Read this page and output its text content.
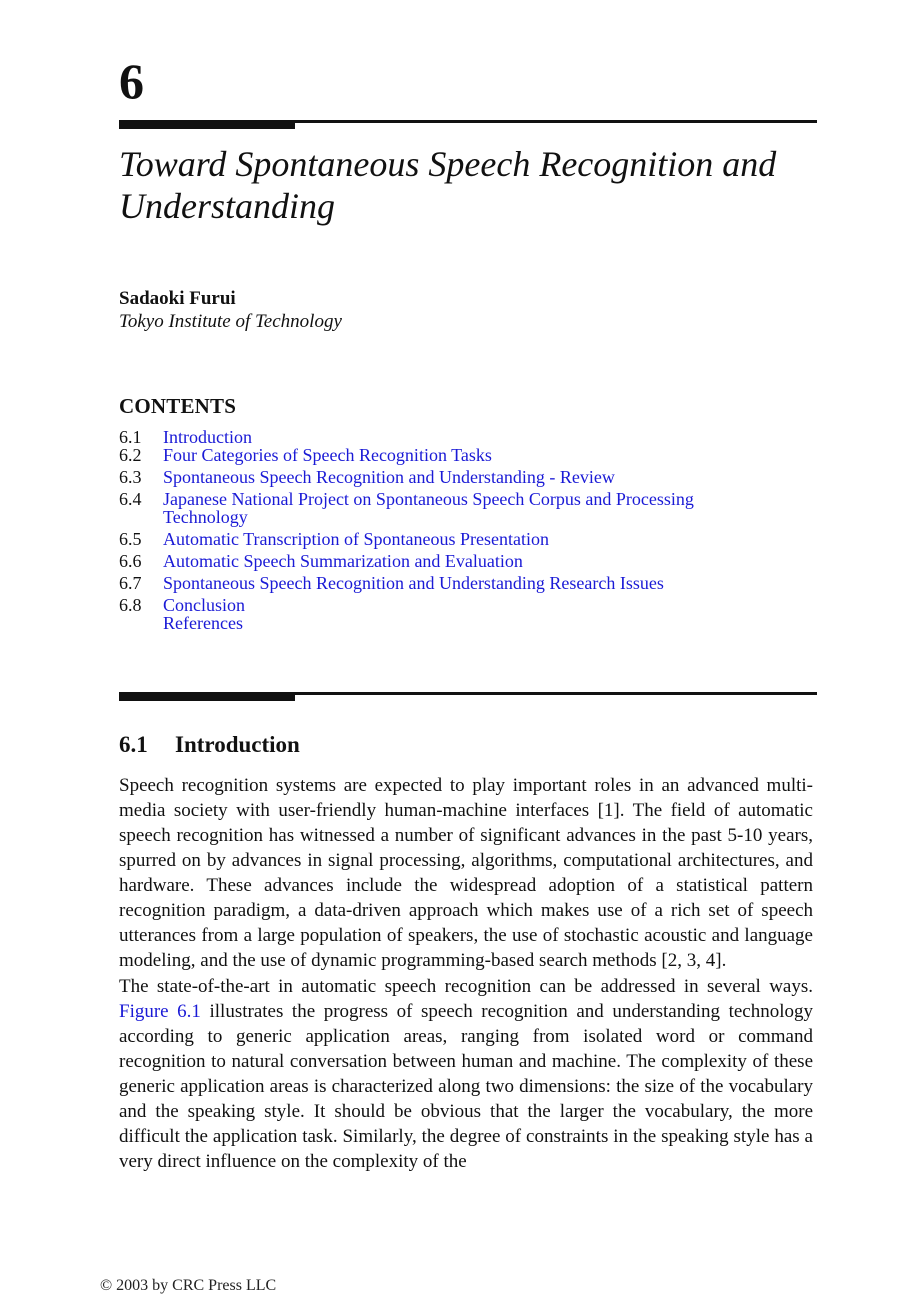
6
Toward Spontaneous Speech Recognition and
Understanding
Sadaoki Furui
Tokyo Institute of Technology
CONTENTS
6.1	Introduction
6.2	Four Categories of Speech Recognition Tasks
6.3	Spontaneous Speech Recognition and Understanding - Review
6.4	Japanese National Project on Spontaneous Speech Corpus and Processing
Technology
6.5	Automatic Transcription of Spontaneous Presentation
6.6	Automatic Speech Summarization and Evaluation
6.7	Spontaneous Speech Recognition and Understanding Research Issues
6.8	Conclusion
References
6.1 Introduction

Speech recognition systems are expected to play important roles in an advanced multi-media society with user-friendly human-machine interfaces [1]. The field of automatic speech recognition has witnessed a number of significant advances in the past 5-10 years, spurred on by advances in signal processing, algorithms, computational architectures, and hardware. These advances include the widespread adoption of a statistical pattern recognition paradigm, a data-driven approach which makes use of a rich set of speech utterances from a large population of speakers, the use of stochastic acoustic and language modeling, and the use of dynamic programming-based search methods [2, 3, 4].

The state-of-the-art in automatic speech recognition can be addressed in several ways. Figure 6.1 illustrates the progress of speech recognition and understanding technology according to generic application areas, ranging from isolated word or command recognition to natural conversation between human and machine. The complexity of these generic application areas is characterized along two dimensions: the size of the vocabulary and the speaking style. It should be obvious that the larger the vocabulary, the more difficult the application task. Similarly, the degree of constraints in the speaking style has a very direct influence on the complexity of the

© 2003 by CRC Press LLC
